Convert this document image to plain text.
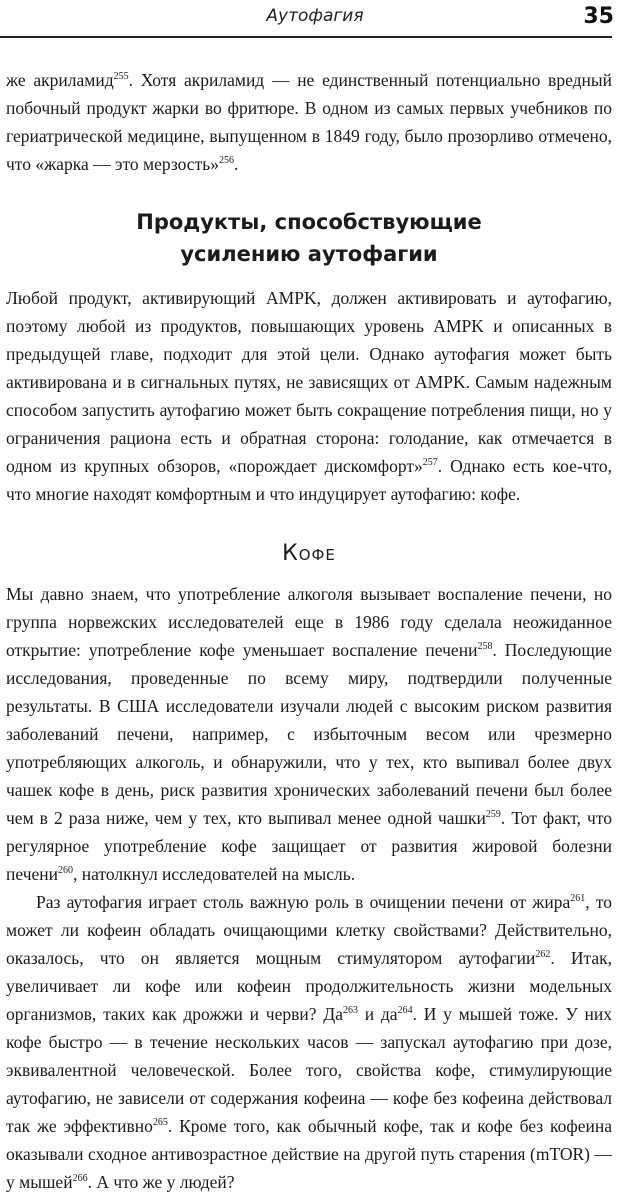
Аутофагия	35

же акриламид$^{255}$. Хотя акриламид — не единственный потенциально вредный побочный продукт жарки во фритюре. В одном из самых первых учебников по гериатрической медицине, выпущенном в 1849 году, было прозорливо отмечено, что «жарка — это мерзость»$^{256}$.

Продукты, способствующие
усилению аутофагии

Любой продукт, активирующий AMPK, должен активировать и аутофагию, поэтому любой из продуктов, повышающих уровень AMPK и описанных в предыдущей главе, подходит для этой цели. Однако аутофагия может быть активирована и в сигнальных путях, не зависящих от AMPK. Самым надежным способом запустить аутофагию может быть сокращение потребления пищи, но у ограничения рациона есть и обратная сторона: голодание, как отмечается в одном из крупных обзоров, «порождает дискомфорт»$^{257}$. Однако есть кое-что, что многие находят комфортным и что индуцирует аутофагию: кофе.

Кофе

Мы давно знаем, что употребление алкоголя вызывает воспаление печени, но группа норвежских исследователей еще в 1986 году сделала неожиданное открытие: употребление кофе уменьшает воспаление печени$^{258}$. Последующие исследования, проведенные по всему миру, подтвердили полученные результаты. В США исследователи изучали людей с высоким риском развития заболеваний печени, например, с избыточным весом или чрезмерно употребляющих алкоголь, и обнаружили, что у тех, кто выпивал более двух чашек кофе в день, риск развития хронических заболеваний печени был более чем в 2 раза ниже, чем у тех, кто выпивал менее одной чашки$^{259}$. Тот факт, что регулярное употребление кофе защищает от развития жировой болезни печени$^{260}$, натолкнул исследователей на мысль.

Раз аутофагия играет столь важную роль в очищении печени от жира$^{261}$, то может ли кофеин обладать очищающими клетку свойствами? Действительно, оказалось, что он является мощным стимулятором аутофагии$^{262}$. Итак, увеличивает ли кофе или кофеин продолжительность жизни модельных организмов, таких как дрожжи и черви? $Да^{263}$ и $да^{264}$. И у мышей тоже. У них кофе быстро — в течение нескольких часов — запускал аутофагию при дозе, эквивалентной человеческой. Более того, свойства кофе, стимулирующие аутофагию, не зависели от содержания кофеина — кофе без кофеина действовал так же эффективно$^{265}$. Кроме того, как обычный кофе, так и кофе без кофеина оказывали сходное антивозрастное действие на другой путь старения (mTOR) — у мышей$^{266}$. А что же у людей?
